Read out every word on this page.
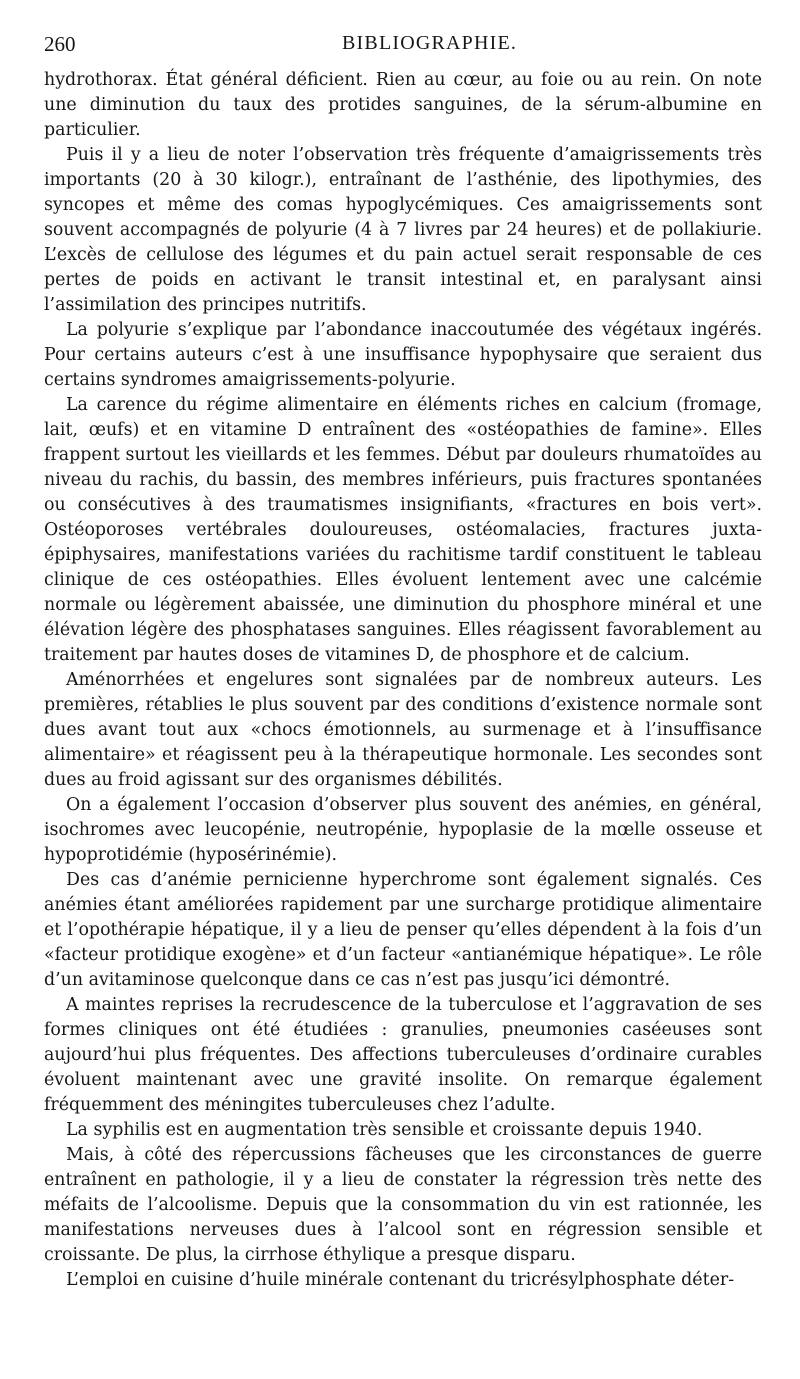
260	BIBLIOGRAPHIE.

hydrothorax. État général déficient. Rien au cœur, au foie ou au rein. On note une diminution du taux des protides sanguines, de la sérum-albumine en particulier.

Puis il y a lieu de noter l’observation très fréquente d’amaigrissements très importants (20 à 30 kilogr.), entraînant de l’asthénie, des lipothymies, des syncopes et même des comas hypoglycémiques. Ces amaigrissements sont souvent accompagnés de polyurie (4 à 7 livres par 24 heures) et de pollakiurie. L’excès de cellulose des légumes et du pain actuel serait responsable de ces pertes de poids en activant le transit intestinal et, en paralysant ainsi l’assimilation des principes nutritifs.

La polyurie s’explique par l’abondance inaccoutumée des végétaux ingérés. Pour certains auteurs c’est à une insuffisance hypophysaire que seraient dus certains syndromes amaigrissements-polyurie.

La carence du régime alimentaire en éléments riches en calcium (fromage, lait, œufs) et en vitamine D entraînent des «ostéopathies de famine». Elles frappent surtout les vieillards et les femmes. Début par douleurs rhumatoïdes au niveau du rachis, du bassin, des membres inférieurs, puis fractures spontanées ou consécutives à des traumatismes insignifiants, «fractures en bois vert». Ostéoporoses vertébrales douloureuses, ostéomalacies, fractures juxta-épiphysaires, manifestations variées du rachitisme tardif constituent le tableau clinique de ces ostéopathies. Elles évoluent lentement avec une calcémie normale ou légèrement abaissée, une diminution du phosphore minéral et une élévation légère des phosphatases sanguines. Elles réagissent favorablement au traitement par hautes doses de vitamines D, de phosphore et de calcium.

Aménorrhées et engelures sont signalées par de nombreux auteurs. Les premières, rétablies le plus souvent par des conditions d’existence normale sont dues avant tout aux «chocs émotionnels, au surmenage et à l’insuffisance alimentaire» et réagissent peu à la thérapeutique hormonale. Les secondes sont dues au froid agissant sur des organismes débilités.

On a également l’occasion d’observer plus souvent des anémies, en général, isochromes avec leucopénie, neutropénie, hypoplasie de la mœlle osseuse et hypoprotidémie (hyposérinémie).

Des cas d’anémie pernicienne hyperchrome sont également signalés. Ces anémies étant améliorées rapidement par une surcharge protidique alimentaire et l’opothérapie hépatique, il y a lieu de penser qu’elles dépendent à la fois d’un «facteur protidique exogène» et d’un facteur «antianémique hépatique». Le rôle d’un avitaminose quelconque dans ce cas n’est pas jusqu’ici démontré.

A maintes reprises la recrudescence de la tuberculose et l’aggravation de ses formes cliniques ont été étudiées : granulies, pneumonies caséeuses sont aujourd’hui plus fréquentes. Des affections tuberculeuses d’ordinaire curables évoluent maintenant avec une gravité insolite. On remarque également fréquemment des méningites tuberculeuses chez l’adulte.

La syphilis est en augmentation très sensible et croissante depuis 1940.

Mais, à côté des répercussions fâcheuses que les circonstances de guerre entraînent en pathologie, il y a lieu de constater la régression très nette des méfaits de l’alcoolisme. Depuis que la consommation du vin est rationnée, les manifestations nerveuses dues à l’alcool sont en régression sensible et croissante. De plus, la cirrhose éthylique a presque disparu.

L’emploi en cuisine d’huile minérale contenant du tricrésylphosphate déter-
